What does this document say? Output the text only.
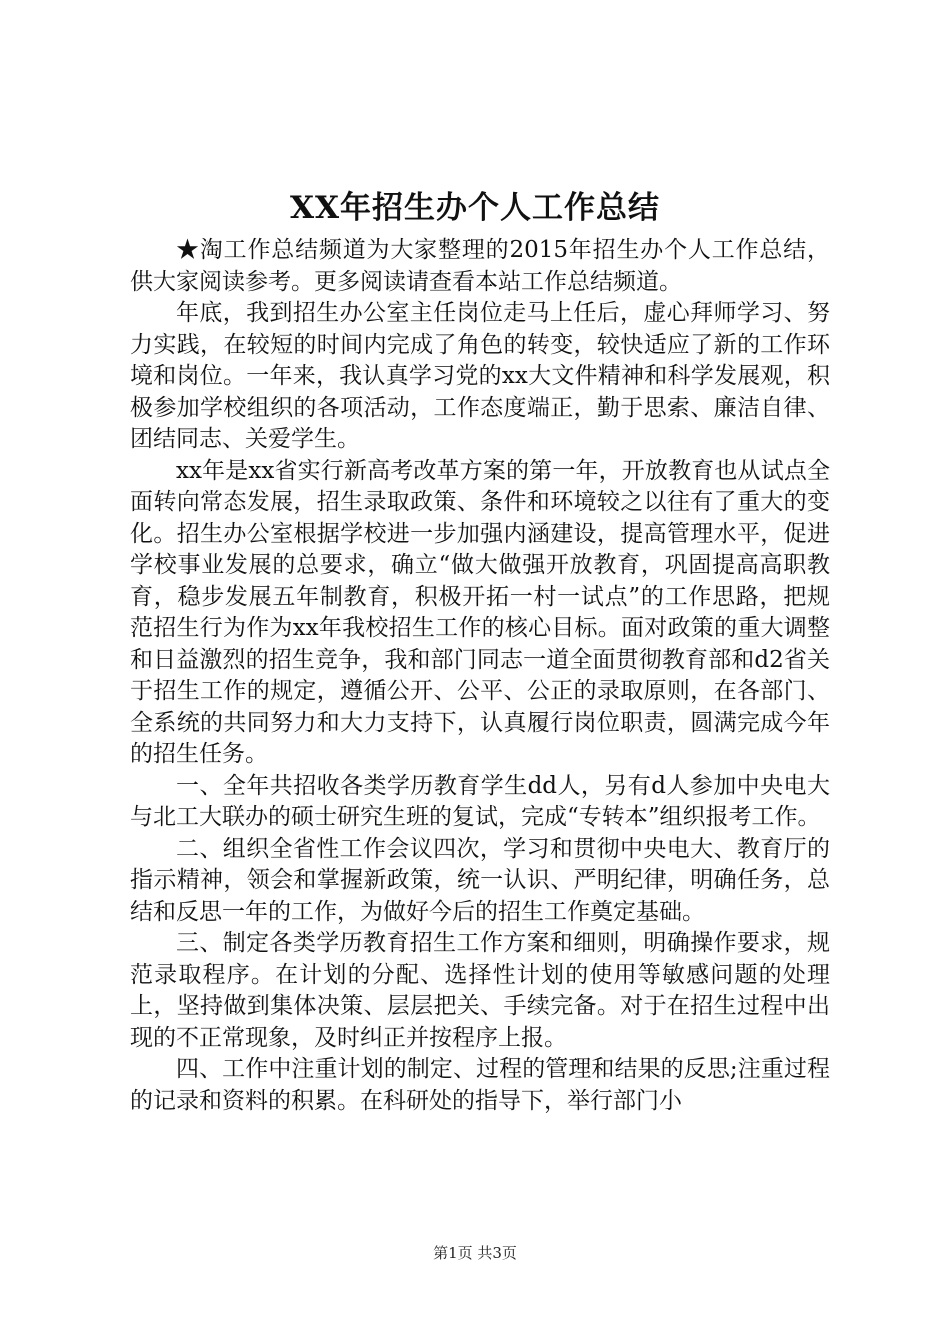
XX年招生办个人工作总结

★淘工作总结频道为大家整理的2015年招生办个人工作总结，供大家阅读参考。更多阅读请查看本站工作总结频道。

年底，我到招生办公室主任岗位走马上任后，虚心拜师学习、努力实践，在较短的时间内完成了角色的转变，较快适应了新的工作环境和岗位。一年来，我认真学习党的xx大文件精神和科学发展观，积极参加学校组织的各项活动，工作态度端正，勤于思索、廉洁自律、团结同志、关爱学生。

xx年是xx省实行新高考改革方案的第一年，开放教育也从试点全面转向常态发展，招生录取政策、条件和环境较之以往有了重大的变化。招生办公室根据学校进一步加强内涵建设，提高管理水平，促进学校事业发展的总要求，确立“做大做强开放教育，巩固提高高职教育，稳步发展五年制教育，积极开拓一村一试点”的工作思路，把规范招生行为作为xx年我校招生工作的核心目标。面对政策的重大调整和日益激烈的招生竞争，我和部门同志一道全面贯彻教育部和d2省关于招生工作的规定，遵循公开、公平、公正的录取原则，在各部门、全系统的共同努力和大力支持下，认真履行岗位职责，圆满完成今年的招生任务。

一、全年共招收各类学历教育学生dd人，另有d人参加中央电大与北工大联办的硕士研究生班的复试，完成“专转本”组织报考工作。

二、组织全省性工作会议四次，学习和贯彻中央电大、教育厅的指示精神，领会和掌握新政策，统一认识、严明纪律，明确任务，总结和反思一年的工作，为做好今后的招生工作奠定基础。

三、制定各类学历教育招生工作方案和细则，明确操作要求，规范录取程序。在计划的分配、选择性计划的使用等敏感问题的处理上，坚持做到集体决策、层层把关、手续完备。对于在招生过程中出现的不正常现象，及时纠正并按程序上报。

四、工作中注重计划的制定、过程的管理和结果的反思;注重过程的记录和资料的积累。在科研处的指导下，举行部门小

第1页 共3页
